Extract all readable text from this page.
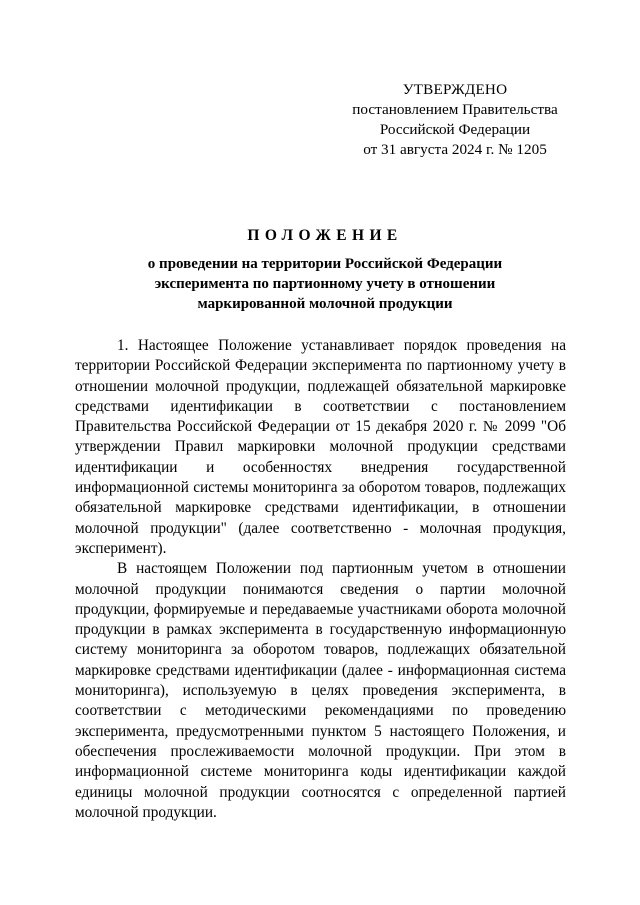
УТВЕРЖДЕНО
постановлением Правительства
Российской Федерации
от 31 августа 2024 г. № 1205
ПОЛОЖЕНИЕ
о проведении на территории Российской Федерации
эксперимента по партионному учету в отношении
маркированной молочной продукции

1. Настоящее Положение устанавливает порядок проведения на территории Российской Федерации эксперимента по партионному учету в отношении молочной продукции, подлежащей обязательной маркировке средствами идентификации в соответствии с постановлением Правительства Российской Федерации от 15 декабря 2020 г. № 2099 "Об утверждении Правил маркировки молочной продукции средствами идентификации и особенностях внедрения государственной информационной системы мониторинга за оборотом товаров, подлежащих обязательной маркировке средствами идентификации, в отношении молочной продукции" (далее соответственно - молочная продукция, эксперимент).

В настоящем Положении под партионным учетом в отношении молочной продукции понимаются сведения о партии молочной продукции, формируемые и передаваемые участниками оборота молочной продукции в рамках эксперимента в государственную информационную систему мониторинга за оборотом товаров, подлежащих обязательной маркировке средствами идентификации (далее - информационная система мониторинга), используемую в целях проведения эксперимента, в соответствии с методическими рекомендациями по проведению эксперимента, предусмотренными пунктом 5 настоящего Положения, и обеспечения прослеживаемости молочной продукции. При этом в информационной системе мониторинга коды идентификации каждой единицы молочной продукции соотносятся с определенной партией молочной продукции.
